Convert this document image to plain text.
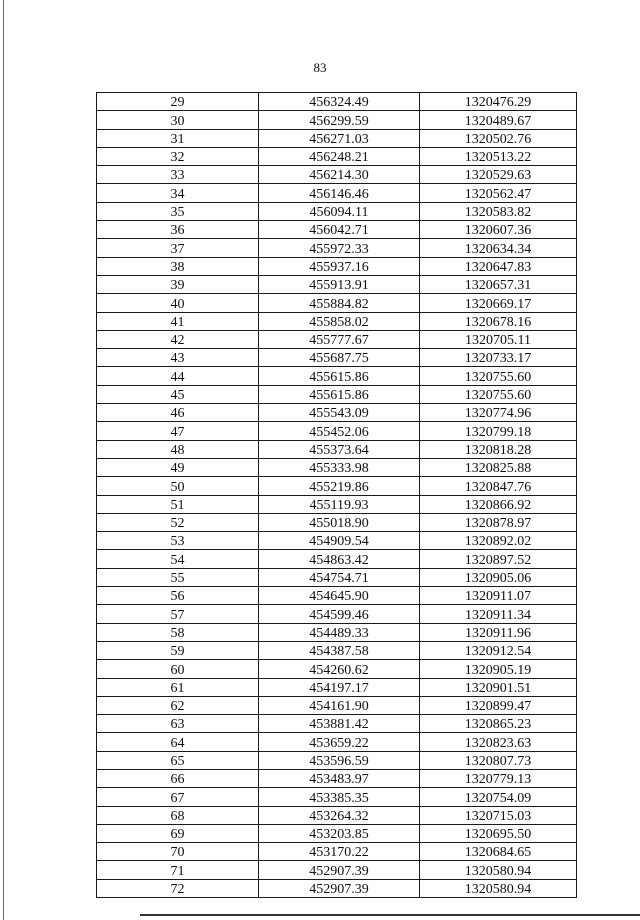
83
29	456324.49	1320476.29
30	456299.59	1320489.67
31	456271.03	1320502.76
32	456248.21	1320513.22
33	456214.30	1320529.63
34	456146.46	1320562.47
35	456094.11	1320583.82
36	456042.71	1320607.36
37	455972.33	1320634.34
38	455937.16	1320647.83
39	455913.91	1320657.31
40	455884.82	1320669.17
41	455858.02	1320678.16
42	455777.67	1320705.11
43	455687.75	1320733.17
44	455615.86	1320755.60
45	455615.86	1320755.60
46	455543.09	1320774.96
47	455452.06	1320799.18
48	455373.64	1320818.28
49	455333.98	1320825.88
50	455219.86	1320847.76
51	455119.93	1320866.92
52	455018.90	1320878.97
53	454909.54	1320892.02
54	454863.42	1320897.52
55	454754.71	1320905.06
56	454645.90	1320911.07
57	454599.46	1320911.34
58	454489.33	1320911.96
59	454387.58	1320912.54
60	454260.62	1320905.19
61	454197.17	1320901.51
62	454161.90	1320899.47
63	453881.42	1320865.23
64	453659.22	1320823.63
65	453596.59	1320807.73
66	453483.97	1320779.13
67	453385.35	1320754.09
68	453264.32	1320715.03
69	453203.85	1320695.50
70	453170.22	1320684.65
71	452907.39	1320580.94
72	452907.39	1320580.94
